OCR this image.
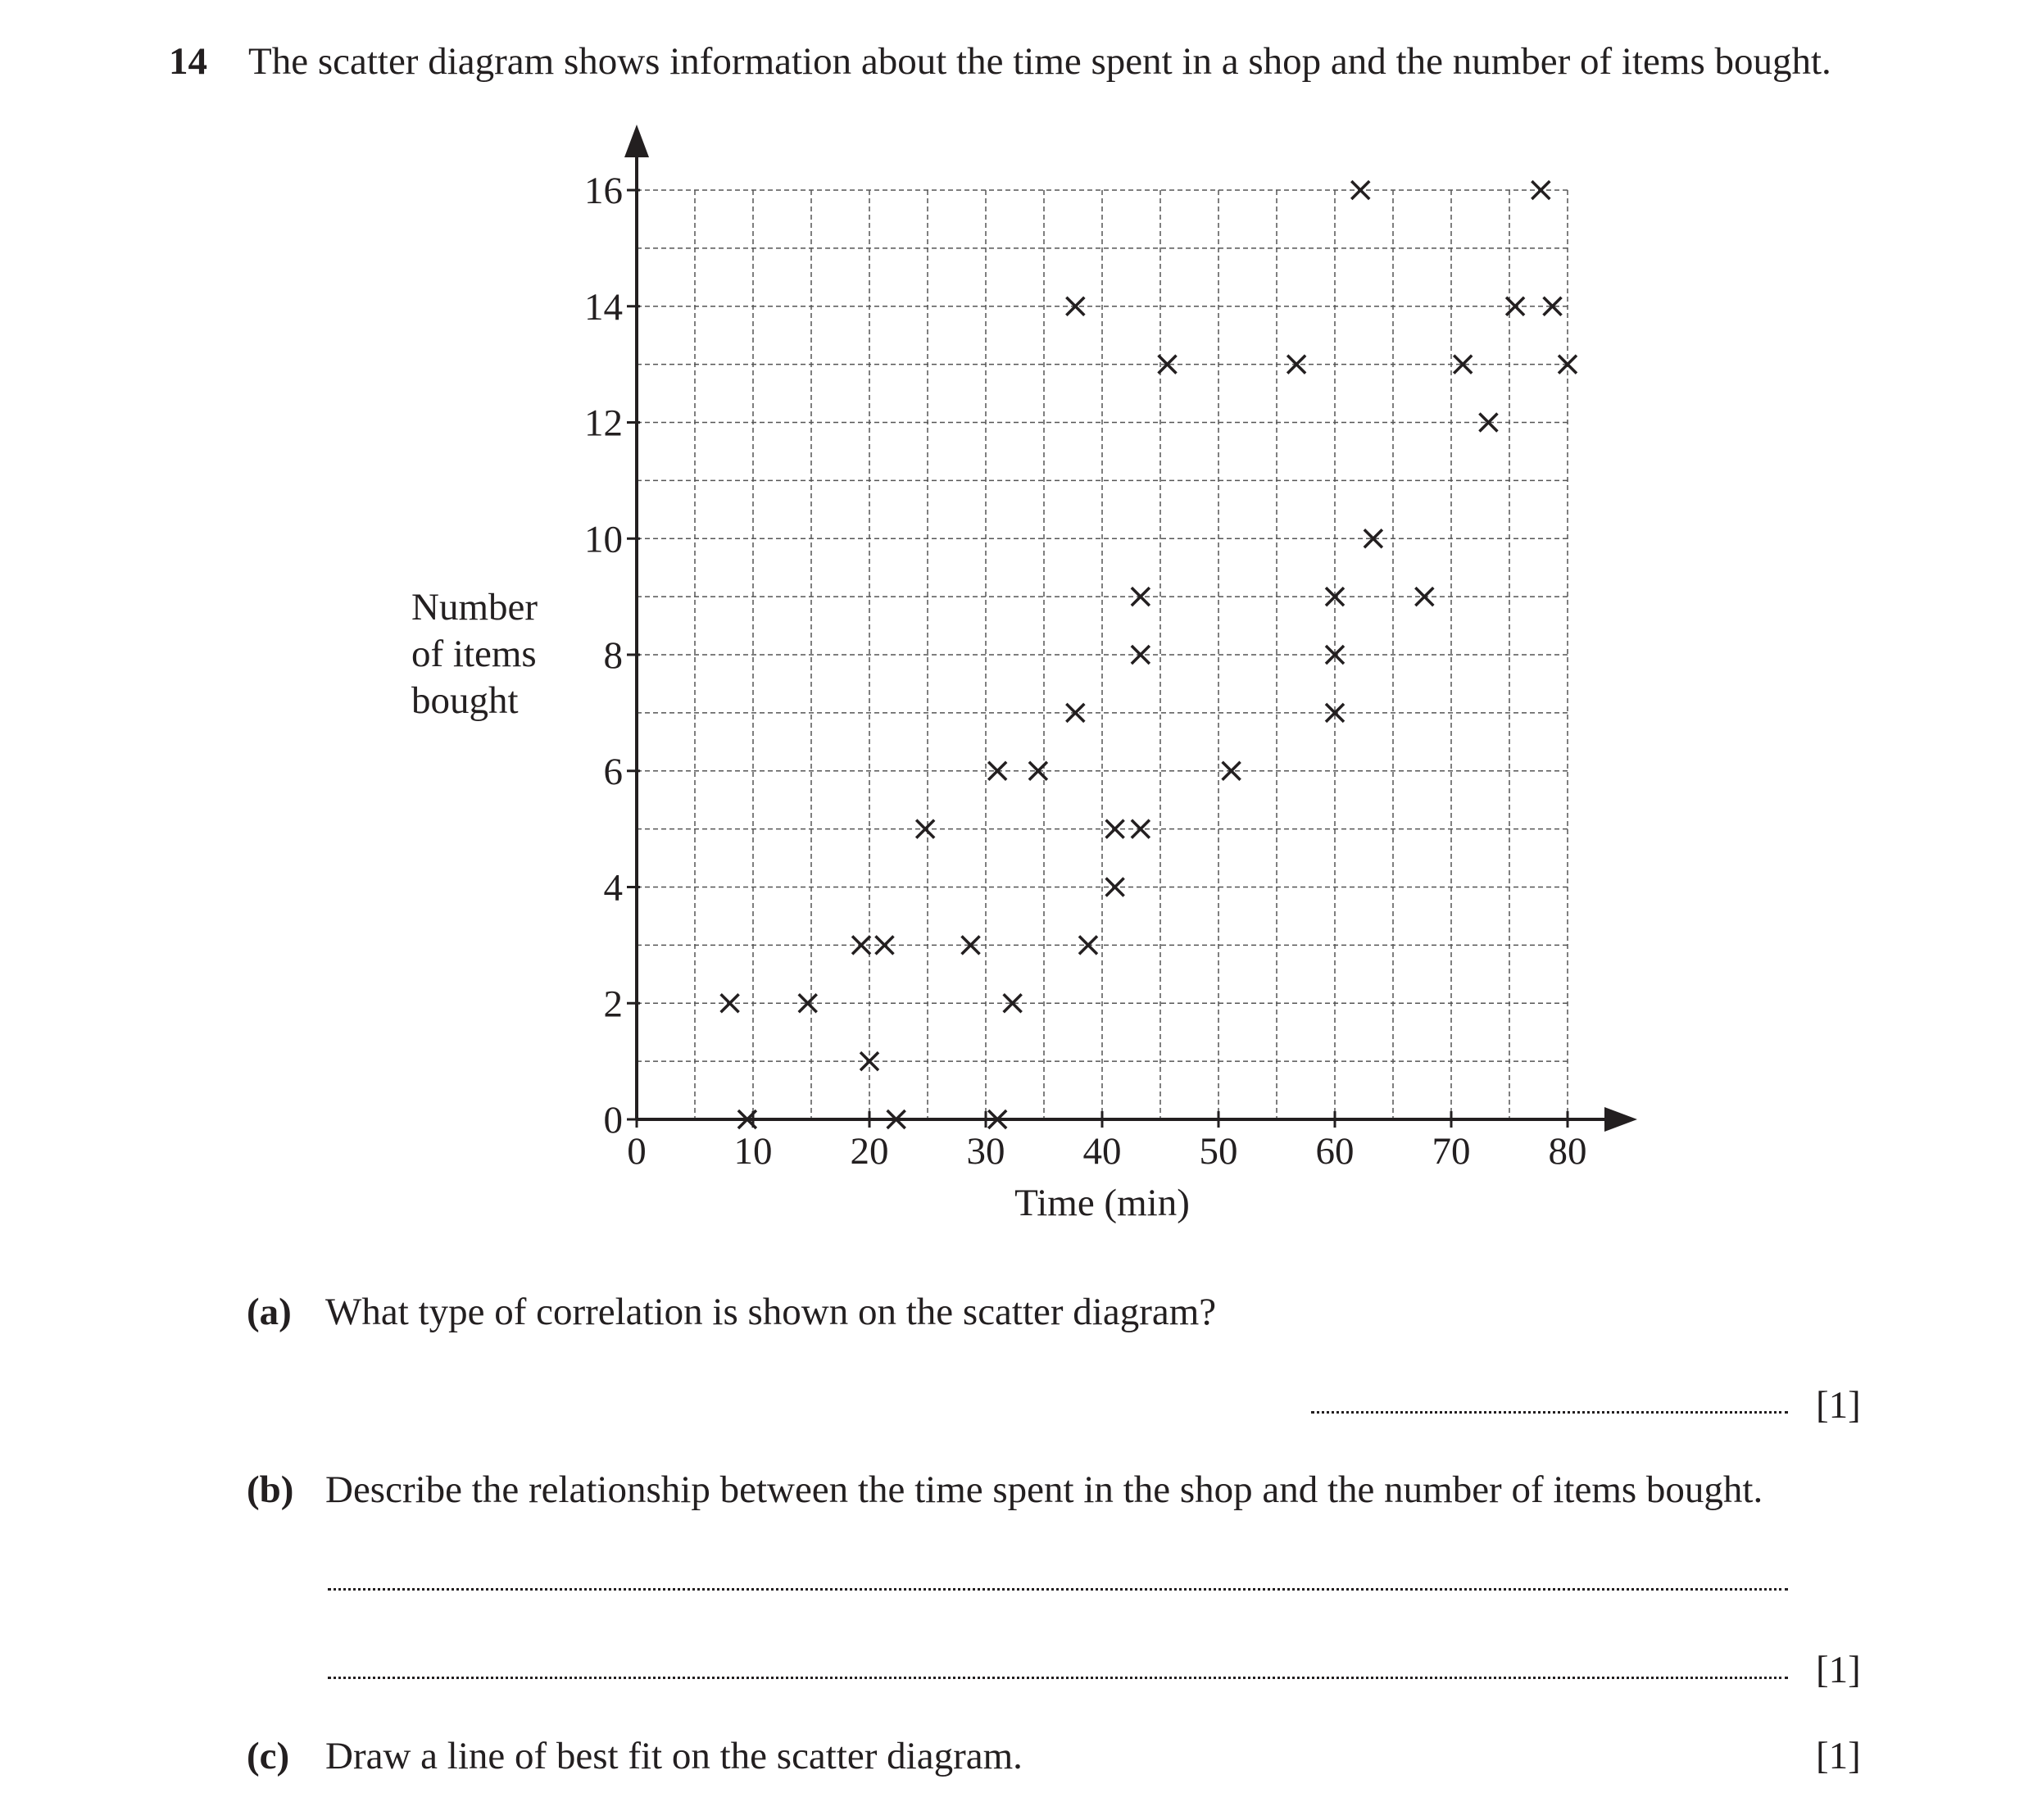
14 The scatter diagram shows information about the time spent in a shop and the number of items bought.
0 10 20 30 40 50 60 70 80
0
2
4
6
8
10
12
14
16
Time (min)
Number
of items
bought
(a) What type of correlation is shown on the scatter diagram?
[1]
(b) Describe the relationship between the time spent in the shop and the number of items bought.
[1]
(c) Draw a line of best fit on the scatter diagram.	[1]
